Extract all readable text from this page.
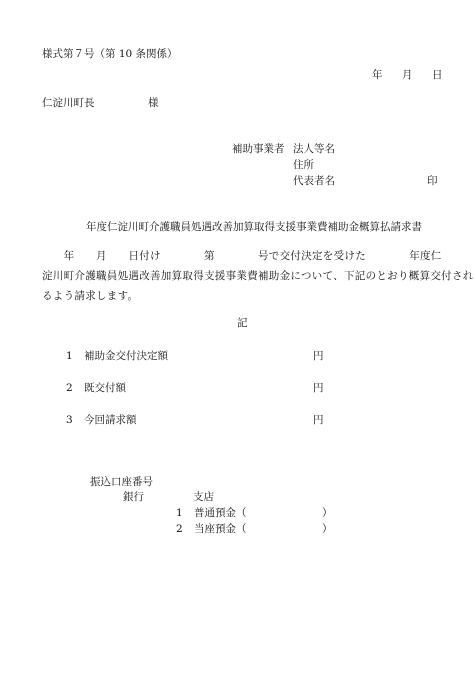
様式第７号（第 10 条関係）
年 月 日
仁淀川町長	様
補助事業者 法人等名
住所
代表者名	印
年度仁淀川町介護職員処遇改善加算取得支援事業費補助金概算払請求書
　　年　　月　　日付け　　　　第　　　　号で交付決定を受けた　　　　年度仁
淀川町介護職員処遇改善加算取得支援事業費補助金について、下記のとおり概算交付され
るよう請求します。
記
1 補助金交付決定額	円
2 既交付額	円
3 今回請求額	円
振込口座番号
銀行	支店
1 普通預金（	）
2 当座預金（	）
